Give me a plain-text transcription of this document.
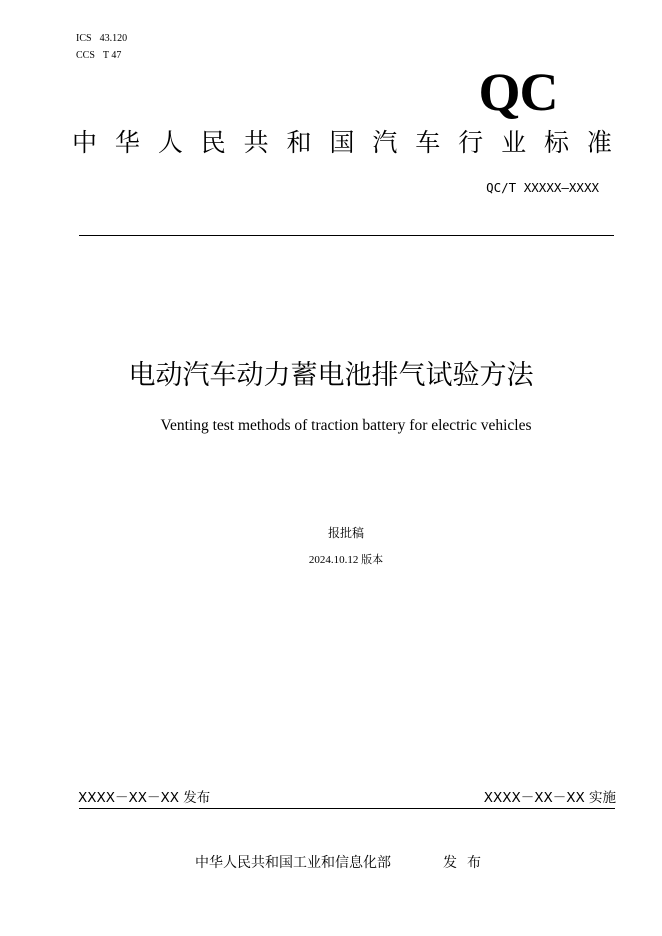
ICS 43.120
CCS T 47
QC
中 华 人 民 共 和 国 汽 车 行 业 标 准
QC/T XXXXX—XXXX
电动汽车动力蓄电池排气试验方法
Venting test methods of traction battery for electric vehicles
报批稿
2024.10.12 版本
XXXX－XX－XX 发布	XXXX－XX－XX 实施
中华人民共和国工业和信息化部	发布
